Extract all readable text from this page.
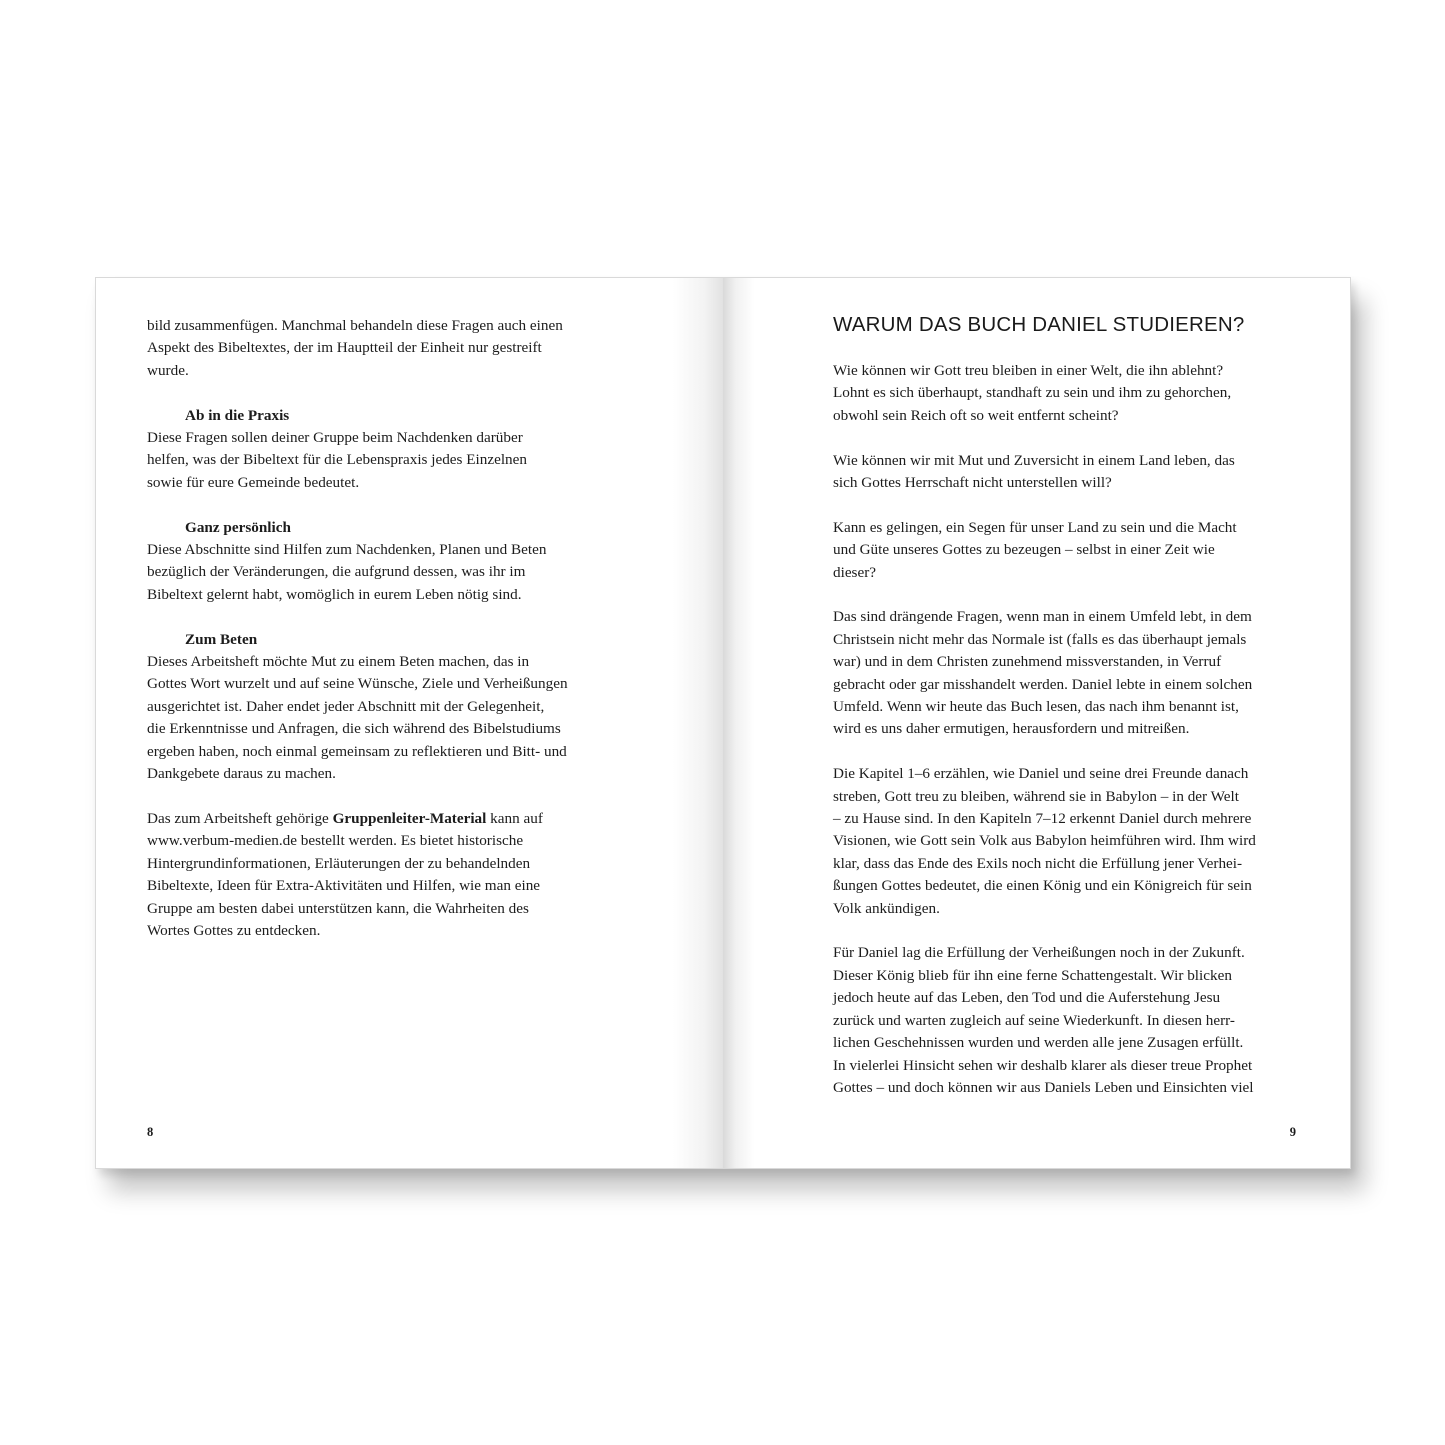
bild zusammenfügen. Manchmal behandeln diese Fragen auch einen
Aspekt des Bibeltextes, der im Hauptteil der Einheit nur gestreift
wurde.
Ab in die Praxis
Diese Fragen sollen deiner Gruppe beim Nachdenken darüber
helfen, was der Bibeltext für die Lebenspraxis jedes Einzelnen
sowie für eure Gemeinde bedeutet.
Ganz persönlich
Diese Abschnitte sind Hilfen zum Nachdenken, Planen und Beten
bezüglich der Veränderungen, die aufgrund dessen, was ihr im
Bibeltext gelernt habt, womöglich in eurem Leben nötig sind.
Zum Beten
Dieses Arbeitsheft möchte Mut zu einem Beten machen, das in
Gottes Wort wurzelt und auf seine Wünsche, Ziele und Verheißungen
ausgerichtet ist. Daher endet jeder Abschnitt mit der Gelegenheit,
die Erkenntnisse und Anfragen, die sich während des Bibelstudiums
ergeben haben, noch einmal gemeinsam zu reflektieren und Bitt- und
Dankgebete daraus zu machen.
Das zum Arbeitsheft gehörige Gruppenleiter-Material kann auf
www.verbum-medien.de bestellt werden. Es bietet historische
Hintergrundinformationen, Erläuterungen der zu behandelnden
Bibeltexte, Ideen für Extra-Aktivitäten und Hilfen, wie man eine
Gruppe am besten dabei unterstützen kann, die Wahrheiten des
Wortes Gottes zu entdecken.
8
WARUM DAS BUCH DANIEL STUDIEREN?
Wie können wir Gott treu bleiben in einer Welt, die ihn ablehnt?
Lohnt es sich überhaupt, standhaft zu sein und ihm zu gehorchen,
obwohl sein Reich oft so weit entfernt scheint?
Wie können wir mit Mut und Zuversicht in einem Land leben, das
sich Gottes Herrschaft nicht unterstellen will?
Kann es gelingen, ein Segen für unser Land zu sein und die Macht
und Güte unseres Gottes zu bezeugen – selbst in einer Zeit wie
dieser?
Das sind drängende Fragen, wenn man in einem Umfeld lebt, in dem
Christsein nicht mehr das Normale ist (falls es das überhaupt jemals
war) und in dem Christen zunehmend missverstanden, in Verruf
gebracht oder gar misshandelt werden. Daniel lebte in einem solchen
Umfeld. Wenn wir heute das Buch lesen, das nach ihm benannt ist,
wird es uns daher ermutigen, herausfordern und mitreißen.
Die Kapitel 1–6 erzählen, wie Daniel und seine drei Freunde danach
streben, Gott treu zu bleiben, während sie in Babylon – in der Welt
– zu Hause sind. In den Kapiteln 7–12 erkennt Daniel durch mehrere
Visionen, wie Gott sein Volk aus Babylon heimführen wird. Ihm wird
klar, dass das Ende des Exils noch nicht die Erfüllung jener Verhei-
ßungen Gottes bedeutet, die einen König und ein Königreich für sein
Volk ankündigen.
Für Daniel lag die Erfüllung der Verheißungen noch in der Zukunft.
Dieser König blieb für ihn eine ferne Schattengestalt. Wir blicken
jedoch heute auf das Leben, den Tod und die Auferstehung Jesu
zurück und warten zugleich auf seine Wiederkunft. In diesen herr-
lichen Geschehnissen wurden und werden alle jene Zusagen erfüllt.
In vielerlei Hinsicht sehen wir deshalb klarer als dieser treue Prophet
Gottes – und doch können wir aus Daniels Leben und Einsichten viel
9
